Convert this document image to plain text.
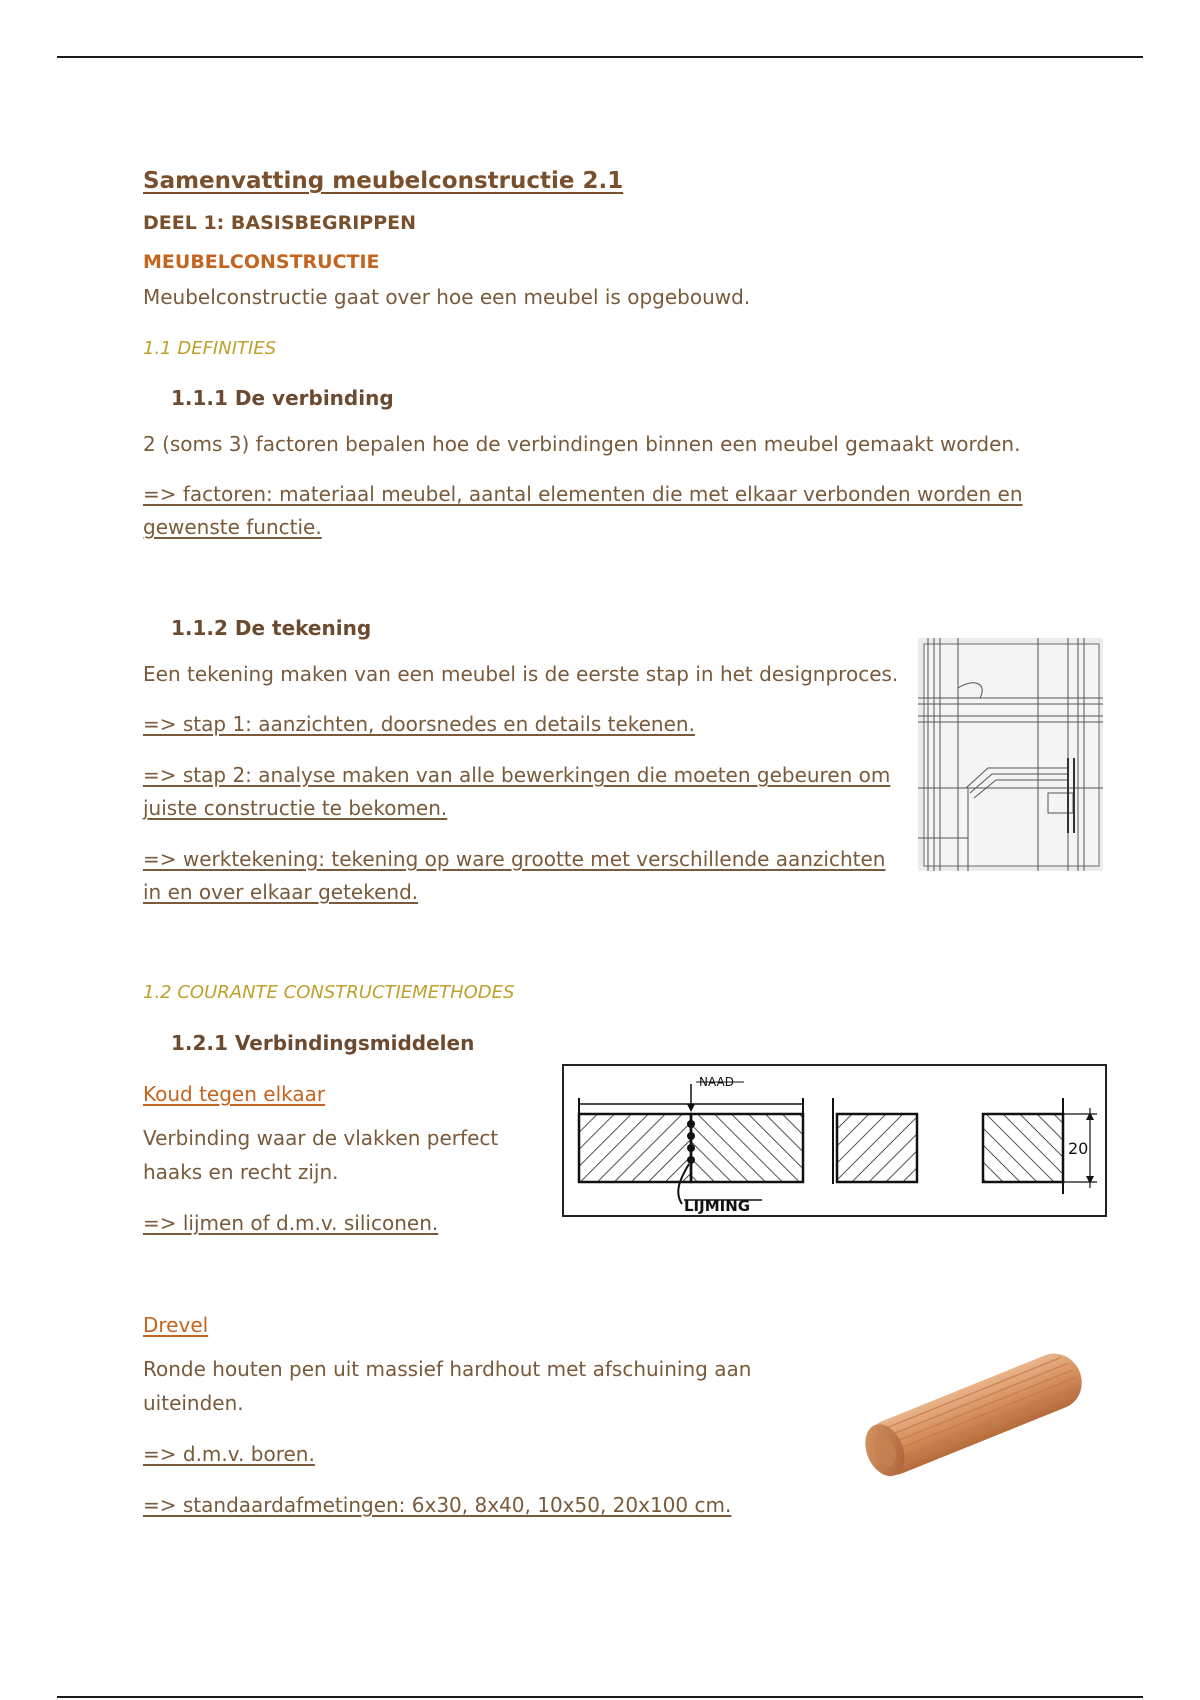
Samenvatting meubelconstructie 2.1
DEEL 1: BASISBEGRIPPEN
MEUBELCONSTRUCTIE

Meubelconstructie gaat over hoe een meubel is opgebouwd.

1.1 DEFINITIES
1.1.1 De verbinding

2 (soms 3) factoren bepalen hoe de verbindingen binnen een meubel gemaakt worden.

=> factoren: materiaal meubel, aantal elementen die met elkaar verbonden worden en

gewenste functie.

1.1.2 De tekening

Een tekening maken van een meubel is de eerste stap in het designproces.

=> stap 1: aanzichten, doorsnedes en details tekenen.

=> stap 2: analyse maken van alle bewerkingen die moeten gebeuren om

juiste constructie te bekomen.

=> werktekening: tekening op ware grootte met verschillende aanzichten

in en over elkaar getekend.

1.2 COURANTE CONSTRUCTIEMETHODES
1.2.1 Verbindingsmiddelen

Koud tegen elkaar

Verbinding waar de vlakken perfect

haaks en recht zijn.

=> lijmen of d.m.v. siliconen.

NAAD
LIJMING
20

Drevel

Ronde houten pen uit massief hardhout met afschuining aan

uiteinden.

=> d.m.v. boren.

=> standaardafmetingen: 6x30, 8x40, 10x50, 20x100 cm.
